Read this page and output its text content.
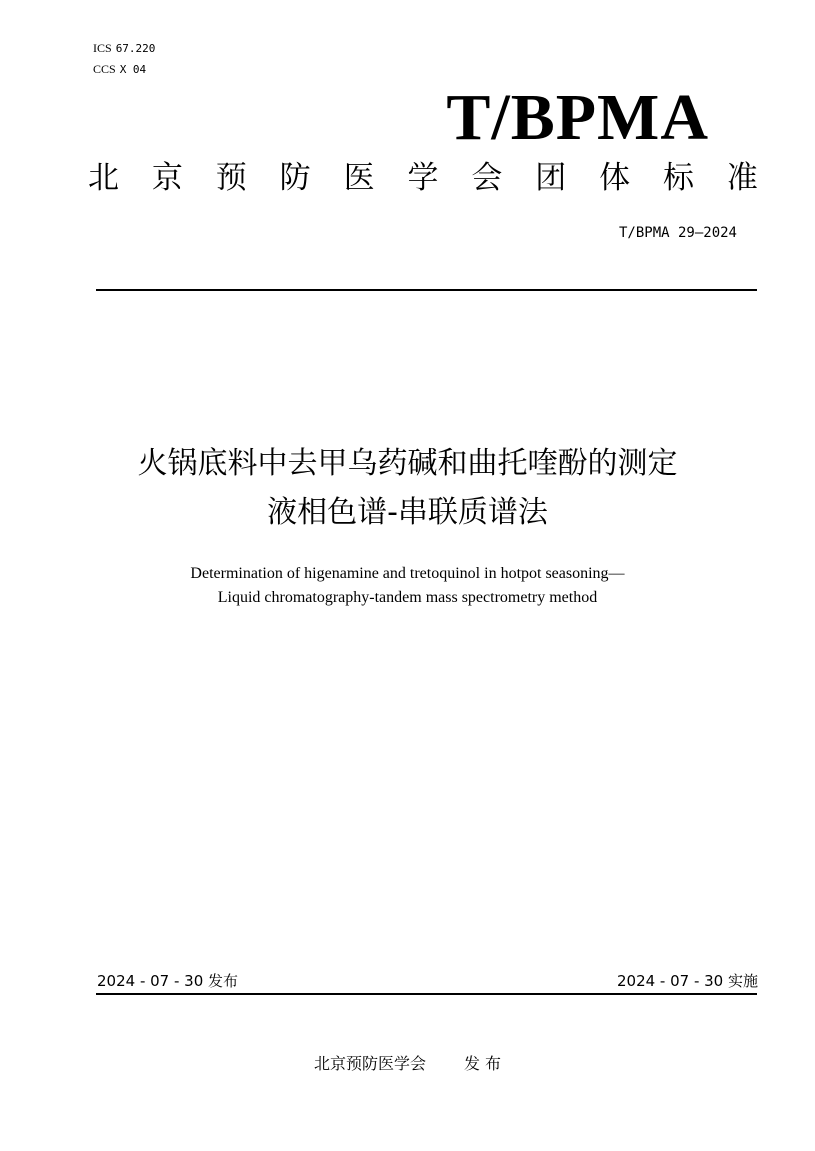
ICS 67.220
CCS X 04
T/BPMA
北 京 预 防 医 学 会 团 体 标 准
T/BPMA 29—2024
火锅底料中去甲乌药碱和曲托喹酚的测定
液相色谱-串联质谱法
Determination of higenamine and tretoquinol in hotpot seasoning—
Liquid chromatography-tandem mass spectrometry method
2024 - 07 - 30 发布	2024 - 07 - 30 实施
北京预防医学会 发 布
